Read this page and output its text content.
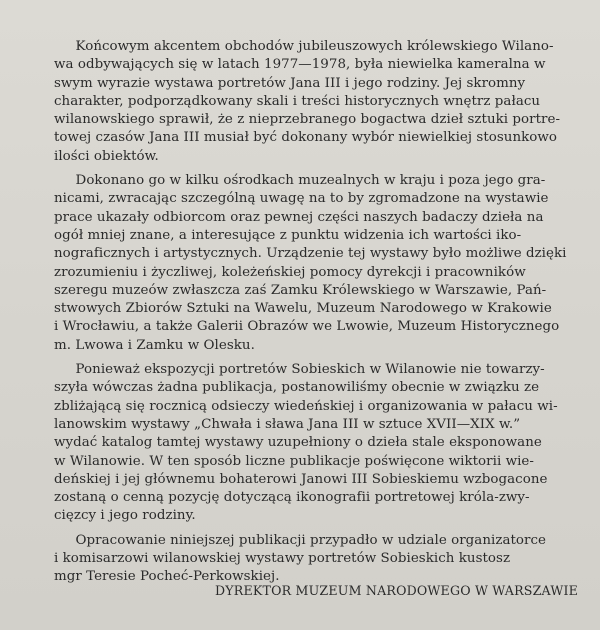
Końcowym akcentem obchodów jubileuszowych królewskiego Wilano-
wa odbywających się w latach 1977—1978, była niewielka kameralna w
swym wyrazie wystawa portretów Jana III i jego rodziny. Jej skromny
charakter, podporządkowany skali i treści historycznych wnętrz pałacu
wilanowskiego sprawił, że z nieprzebranego bogactwa dzieł sztuki portre-
towej czasów Jana III musiał być dokonany wybór niewielkiej stosunkowo
ilości obiektów.

Dokonano go w kilku ośrodkach muzealnych w kraju i poza jego gra-
nicami, zwracając szczególną uwagę na to by zgromadzone na wystawie
prace ukazały odbiorcom oraz pewnej części naszych badaczy dzieła na
ogół mniej znane, a interesujące z punktu widzenia ich wartości iko-
nograficznych i artystycznych. Urządzenie tej wystawy było możliwe dzięki
zrozumieniu i życzliwej, koleżeńskiej pomocy dyrekcji i pracowników
szeregu muzeów zwłaszcza zaś Zamku Królewskiego w Warszawie, Pań-
stwowych Zbiorów Sztuki na Wawelu, Muzeum Narodowego w Krakowie
i Wrocławiu, a także Galerii Obrazów we Lwowie, Muzeum Historycznego
m. Lwowa i Zamku w Olesku.

Ponieważ ekspozycji portretów Sobieskich w Wilanowie nie towarzy-
szyła wówczas żadna publikacja, postanowiliśmy obecnie w związku ze
zbliżającą się rocznicą odsieczy wiedeńskiej i organizowania w pałacu wi-
lanowskim wystawy „Chwała i sława Jana III w sztuce XVII—XIX w.”
wydać katalog tamtej wystawy uzupełniony o dzieła stale eksponowane
w Wilanowie. W ten sposób liczne publikacje poświęcone wiktorii wie-
deńskiej i jej głównemu bohaterowi Janowi III Sobieskiemu wzbogacone
zostaną o cenną pozycję dotyczącą ikonografii portretowej króla-zwy-
cięzcy i jego rodziny.

Opracowanie niniejszej publikacji przypadło w udziale organizatorce
i komisarzowi wilanowskiej wystawy portretów Sobieskich kustosz
mgr Teresie Pocheć-Perkowskiej.

DYREKTOR MUZEUM NARODOWEGO W WARSZAWIE
